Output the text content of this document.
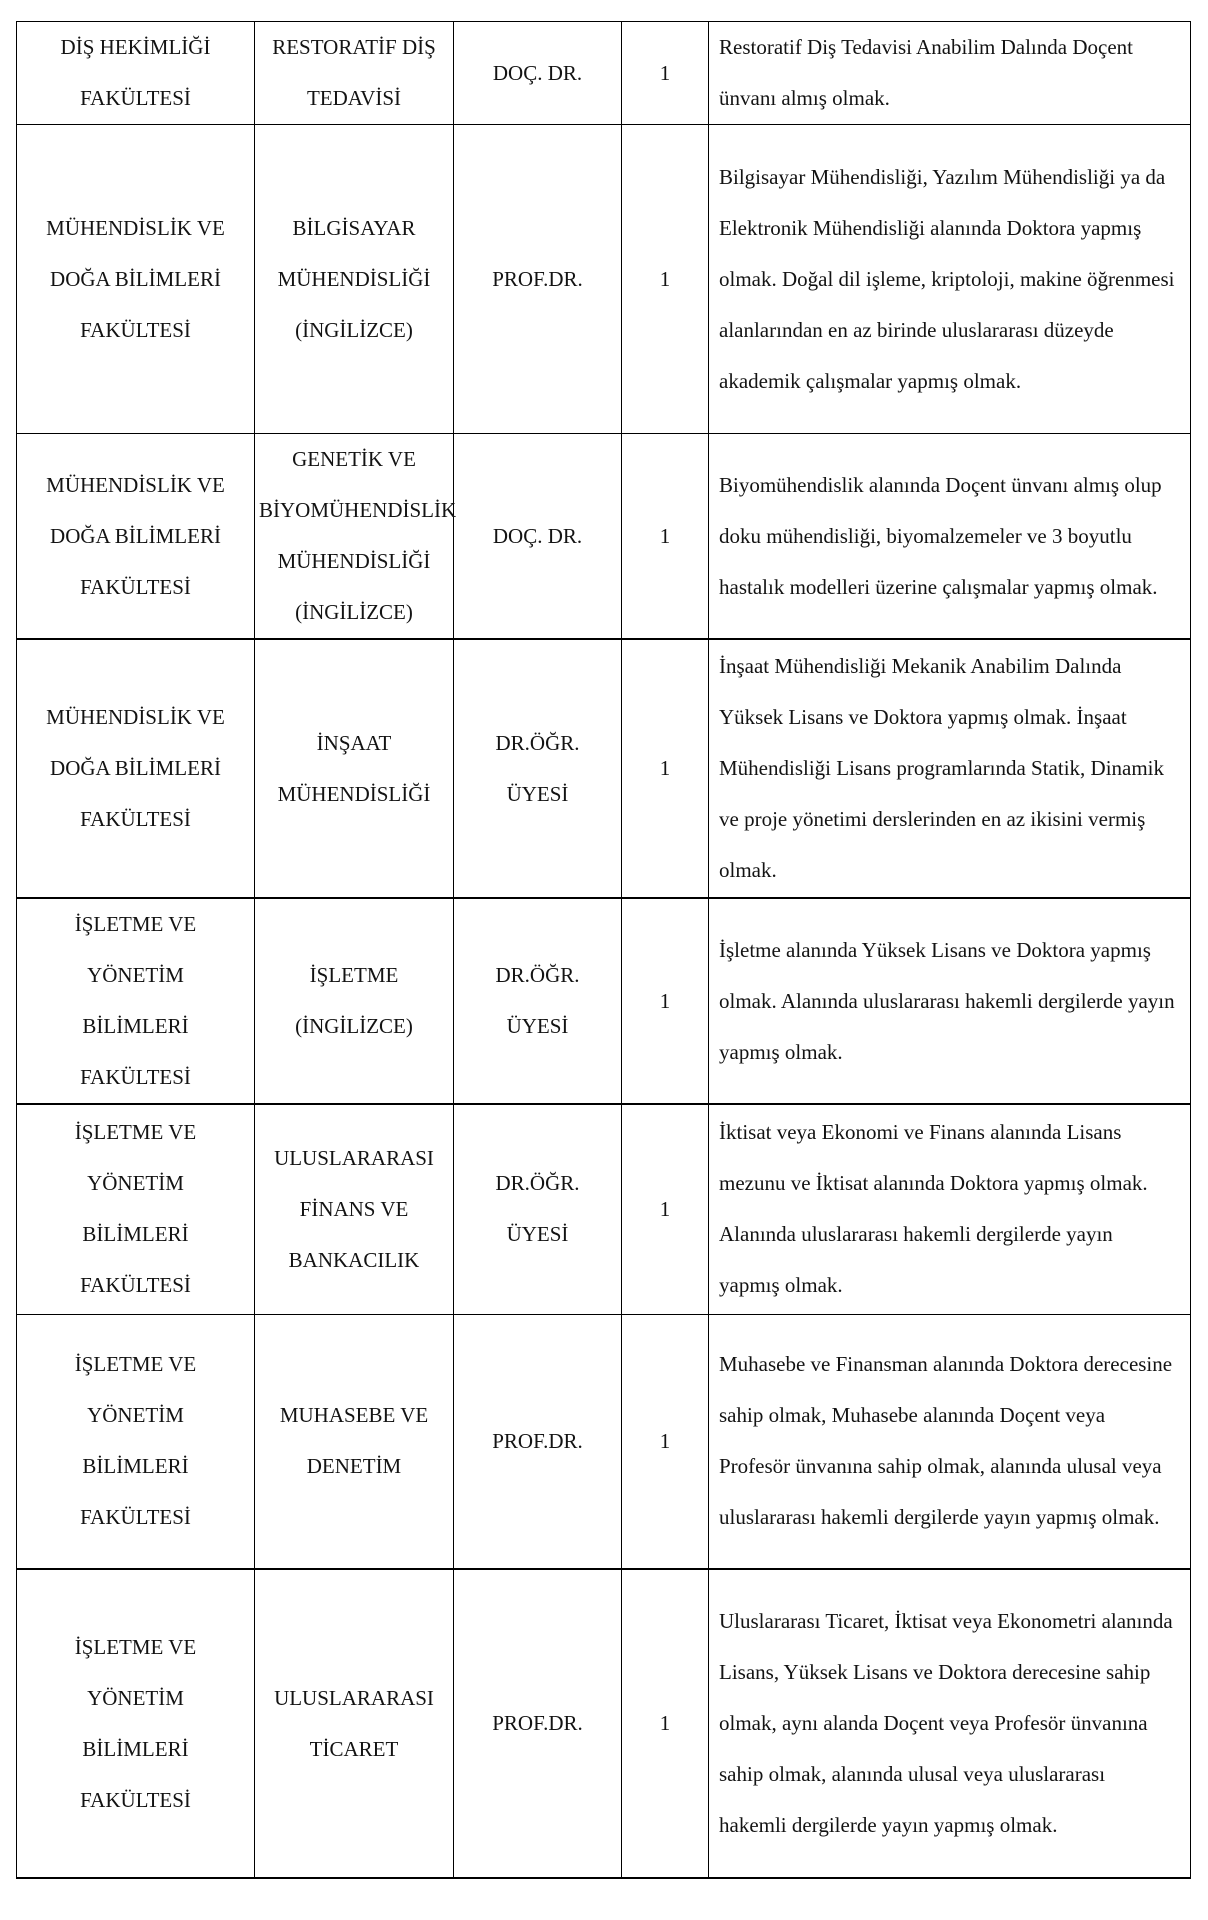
DİŞ HEKİMLİĞİ FAKÜLTESİ	RESTORATİF DİŞ TEDAVİSİ	DOÇ. DR.	1	Restoratif Diş Tedavisi Anabilim Dalında Doçent ünvanı almış olmak.
MÜHENDİSLİK VE DOĞA BİLİMLERİ FAKÜLTESİ	BİLGİSAYAR MÜHENDİSLİĞİ (İNGİLİZCE)	PROF.DR.	1	Bilgisayar Mühendisliği, Yazılım Mühendisliği ya da Elektronik Mühendisliği alanında Doktora yapmış olmak. Doğal dil işleme, kriptoloji, makine öğrenmesi alanlarından en az birinde uluslararası düzeyde akademik çalışmalar yapmış olmak.
MÜHENDİSLİK VE DOĞA BİLİMLERİ FAKÜLTESİ	GENETİK VE BİYOMÜHENDİSLİK MÜHENDİSLİĞİ (İNGİLİZCE)	DOÇ. DR.	1	Biyomühendislik alanında Doçent ünvanı almış olup doku mühendisliği, biyomalzemeler ve 3 boyutlu hastalık modelleri üzerine çalışmalar yapmış olmak.
MÜHENDİSLİK VE DOĞA BİLİMLERİ FAKÜLTESİ	İNŞAAT MÜHENDİSLİĞİ	DR.ÖĞR. ÜYESİ	1	İnşaat Mühendisliği Mekanik Anabilim Dalında Yüksek Lisans ve Doktora yapmış olmak. İnşaat Mühendisliği Lisans programlarında Statik, Dinamik ve proje yönetimi derslerinden en az ikisini vermiş olmak.
İŞLETME VE YÖNETİM BİLİMLERİ FAKÜLTESİ	İŞLETME (İNGİLİZCE)	DR.ÖĞR. ÜYESİ	1	İşletme alanında Yüksek Lisans ve Doktora yapmış olmak. Alanında uluslararası hakemli dergilerde yayın yapmış olmak.
İŞLETME VE YÖNETİM BİLİMLERİ FAKÜLTESİ	ULUSLARARASI FİNANS VE BANKACILIK	DR.ÖĞR. ÜYESİ	1	İktisat veya Ekonomi ve Finans alanında Lisans mezunu ve İktisat alanında Doktora yapmış olmak. Alanında uluslararası hakemli dergilerde yayın yapmış olmak.
İŞLETME VE YÖNETİM BİLİMLERİ FAKÜLTESİ	MUHASEBE VE DENETİM	PROF.DR.	1	Muhasebe ve Finansman alanında Doktora derecesine sahip olmak, Muhasebe alanında Doçent veya Profesör ünvanına sahip olmak, alanında ulusal veya uluslararası hakemli dergilerde yayın yapmış olmak.
İŞLETME VE YÖNETİM BİLİMLERİ FAKÜLTESİ	ULUSLARARASI TİCARET	PROF.DR.	1	Uluslararası Ticaret, İktisat veya Ekonometri alanında Lisans, Yüksek Lisans ve Doktora derecesine sahip olmak, aynı alanda Doçent veya Profesör ünvanına sahip olmak, alanında ulusal veya uluslararası hakemli dergilerde yayın yapmış olmak.
